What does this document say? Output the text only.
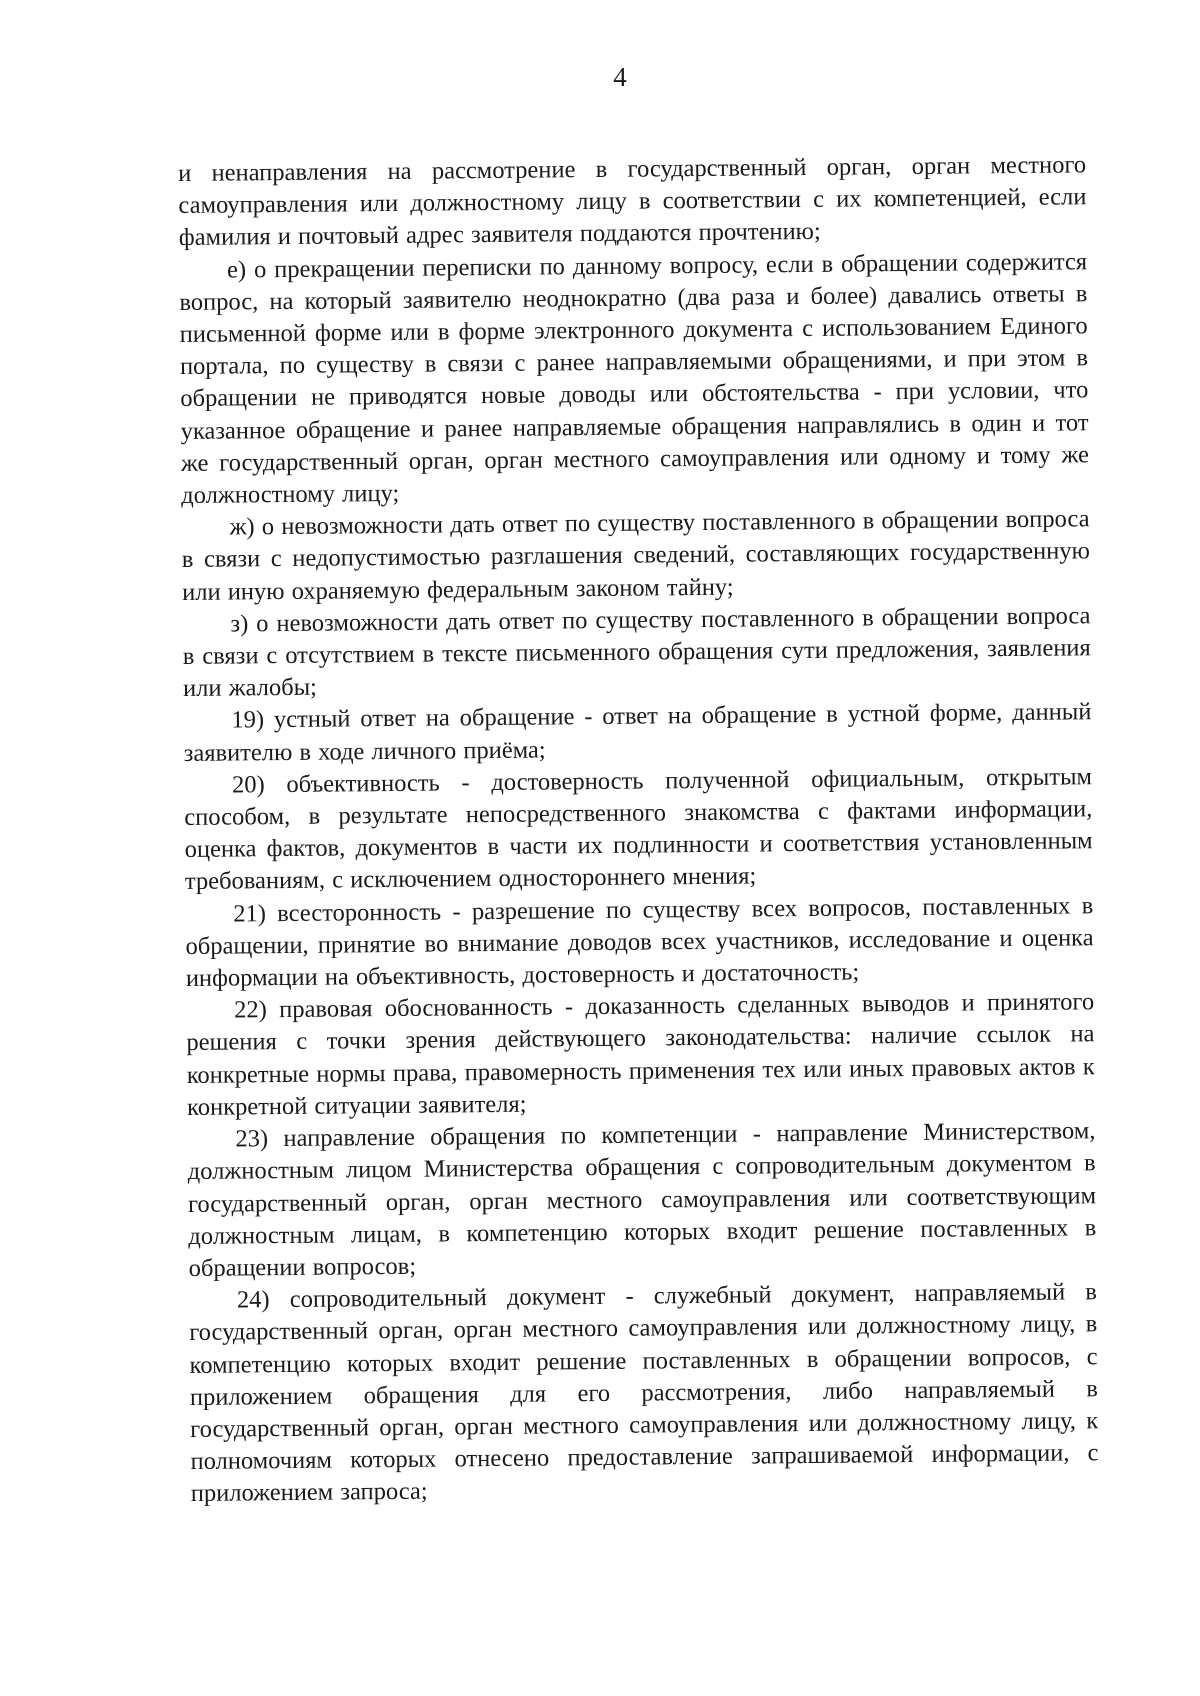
4

и ненаправления на рассмотрение в государственный орган, орган местного самоуправления или должностному лицу в соответствии с их компетенцией, если фамилия и почтовый адрес заявителя поддаются прочтению;

е) о прекращении переписки по данному вопросу, если в обращении содержится вопрос, на который заявителю неоднократно (два раза и более) давались ответы в письменной форме или в форме электронного документа с использованием Единого портала, по существу в связи с ранее направляемыми обращениями, и при этом в обращении не приводятся новые доводы или обстоятельства - при условии, что указанное обращение и ранее направляемые обращения направлялись в один и тот же государственный орган, орган местного самоуправления или одному и тому же должностному лицу;

ж) о невозможности дать ответ по существу поставленного в обращении вопроса в связи с недопустимостью разглашения сведений, составляющих государственную или иную охраняемую федеральным законом тайну;

з) о невозможности дать ответ по существу поставленного в обращении вопроса в связи с отсутствием в тексте письменного обращения сути предложения, заявления или жалобы;

19) устный ответ на обращение - ответ на обращение в устной форме, данный заявителю в ходе личного приёма;

20) объективность - достоверность полученной официальным, открытым способом, в результате непосредственного знакомства с фактами информации, оценка фактов, документов в части их подлинности и соответствия установленным требованиям, с исключением одностороннего мнения;

21) всесторонность - разрешение по существу всех вопросов, поставленных в обращении, принятие во внимание доводов всех участников, исследование и оценка информации на объективность, достоверность и достаточность;

22) правовая обоснованность - доказанность сделанных выводов и принятого решения с точки зрения действующего законодательства: наличие ссылок на конкретные нормы права, правомерность применения тех или иных правовых актов к конкретной ситуации заявителя;

23) направление обращения по компетенции - направление Министерством, должностным лицом Министерства обращения с сопроводительным документом в государственный орган, орган местного самоуправления или соответствующим должностным лицам, в компетенцию которых входит решение поставленных в обращении вопросов;

24) сопроводительный документ - служебный документ, направляемый в государственный орган, орган местного самоуправления или должностному лицу, в компетенцию которых входит решение поставленных в обращении вопросов, с приложением обращения для его рассмотрения, либо направляемый в государственный орган, орган местного самоуправления или должностному лицу, к полномочиям которых отнесено предоставление запрашиваемой информации, с приложением запроса;
